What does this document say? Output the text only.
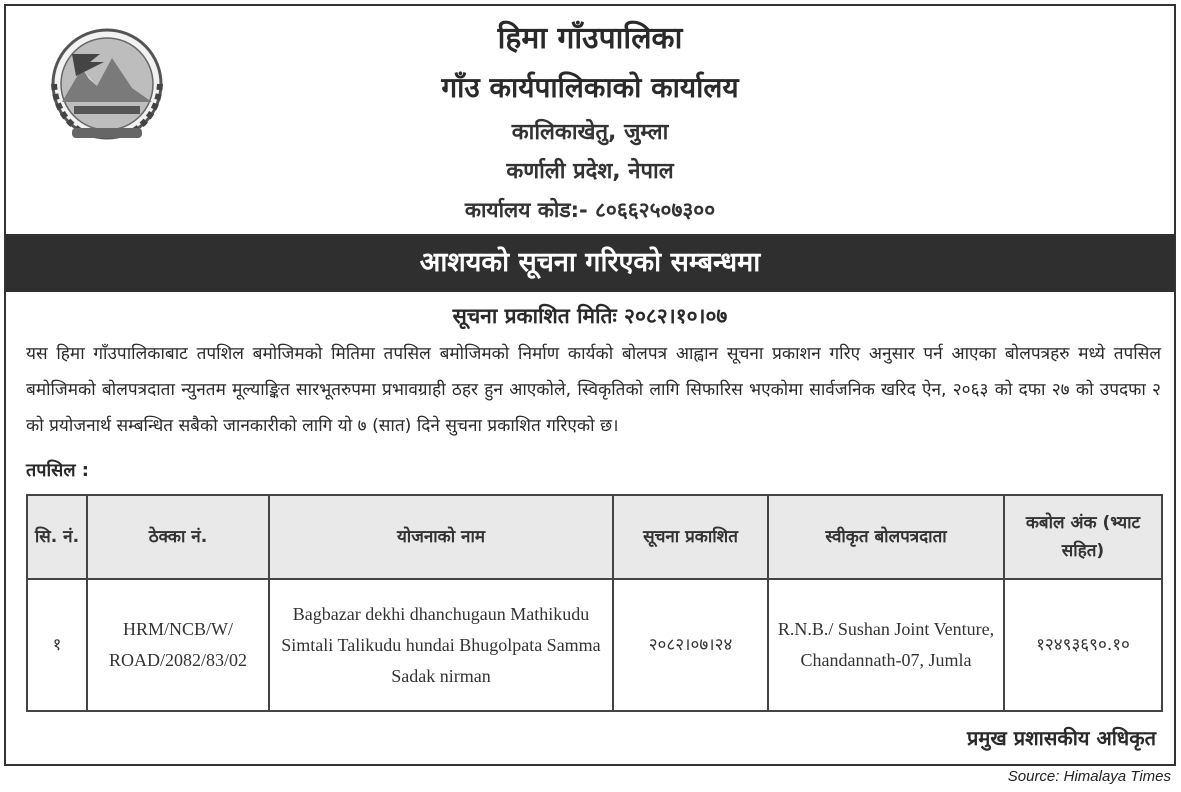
हिमा गाँउपालिका
गाँउ कार्यपालिकाको कार्यालय
कालिकाखेतु, जुम्ला
कर्णाली प्रदेश, नेपाल
कार्यालय कोड:- ८०६६२५०७३००
आशयको सूचना गरिएको सम्बन्धमा
सूचना प्रकाशित मितिः २०८२।१०।०७

यस हिमा गाँउपालिकाबाट तपशिल बमोजिमको मितिमा तपसिल बमोजिमको निर्माण कार्यको बोलपत्र आह्वान सूचना प्रकाशन गरिए अनुसार पर्न आएका बोलपत्रहरु मध्ये तपसिल बमोजिमको बोलपत्रदाता न्युनतम मूल्याङ्कित सारभूतरुपमा प्रभावग्राही ठहर हुन आएकोले, स्विकृतिको लागि सिफारिस भएकोमा सार्वजनिक खरिद ऐन, २०६३ को दफा २७ को उपदफा २ को प्रयोजनार्थ सम्बन्धित सबैको जानकारीको लागि यो ७ (सात) दिने सुचना प्रकाशित गरिएको छ।

तपसिल :
सि. नं.	ठेक्का नं.	योजनाको नाम	सूचना प्रकाशित	स्वीकृत बोलपत्रदाता	कबोल अंक (भ्याट सहित)
१	HRM/NCB/W/ ROAD/2082/83/02	Bagbazar dekhi dhanchugaun Mathikudu Simtali Talikudu hundai Bhugolpata Samma Sadak nirman	२०८२।०७।२४	R.N.B./ Sushan Joint Venture, Chandannath-07, Jumla	१२४९३६९०.१०
प्रमुख प्रशासकीय अधिकृत
Source: Himalaya Times
